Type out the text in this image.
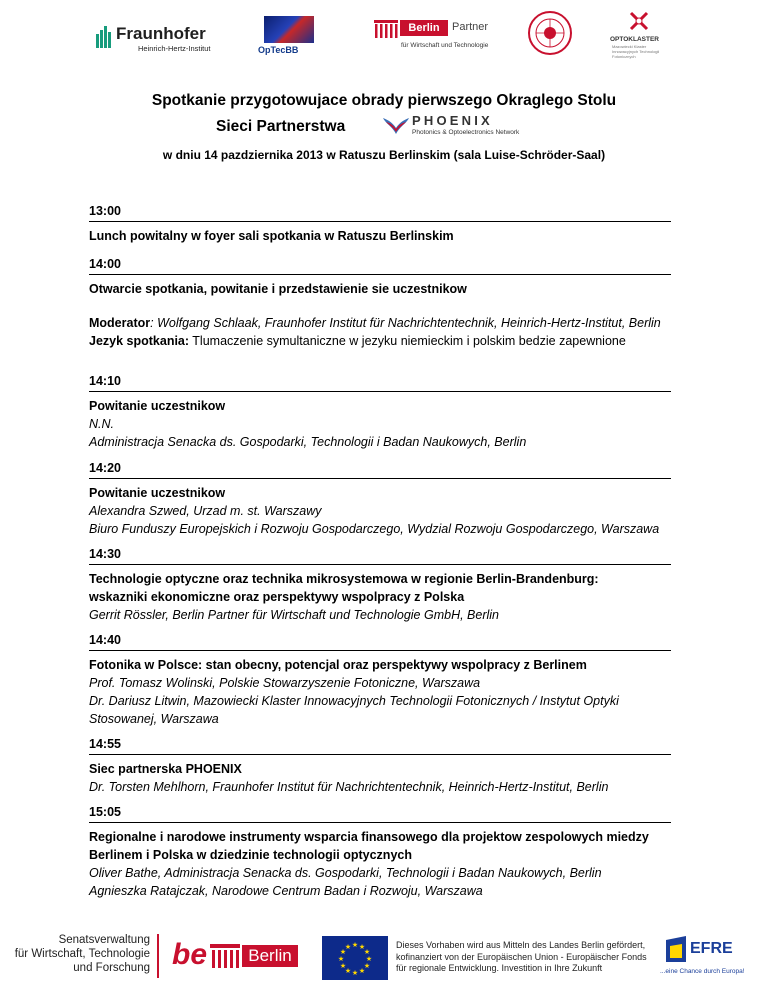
Fraunhofer
Heinrich-Hertz-Institut	OpTecBB
Berlin	Partner
für Wirtschaft und Technologie
OPTOKLASTER
Mazowiecki Klaster Innowacyjnych Technologii Fotonicznych
Spotkanie przygotowujace obrady pierwszego Okraglego Stolu
Sieci Partnerstwa	PHOENIX
Photonics & Optoelectronics Network
w dniu 14 pazdziernika 2013 w Ratuszu Berlinskim (sala Luise-Schröder-Saal)
13:00
Lunch powitalny w foyer sali spotkania w Ratuszu Berlinskim
14:00
Otwarcie spotkania, powitanie i przedstawienie sie uczestnikow
Moderator: Wolfgang Schlaak, Fraunhofer Institut für Nachrichtentechnik, Heinrich-Hertz-Institut, Berlin
Jezyk spotkania: Tlumaczenie symultaniczne w jezyku niemieckim i polskim bedzie zapewnione
14:10
Powitanie uczestnikow
N.N.
Administracja Senacka ds. Gospodarki, Technologii i Badan Naukowych, Berlin
14:20
Powitanie uczestnikow
Alexandra Szwed, Urzad m. st. Warszawy
Biuro Funduszy Europejskich i Rozwoju Gospodarczego, Wydzial Rozwoju Gospodarczego, Warszawa
14:30
Technologie optyczne oraz technika mikrosystemowa w regionie Berlin-Brandenburg:
wskazniki ekonomiczne oraz perspektywy wspolpracy z Polska
Gerrit Rössler, Berlin Partner für Wirtschaft und Technologie GmbH, Berlin
14:40
Fotonika w Polsce: stan obecny, potencjal oraz perspektywy wspolpracy z Berlinem
Prof. Tomasz Wolinski, Polskie Stowarzyszenie Fotoniczne, Warszawa
Dr. Dariusz Litwin, Mazowiecki Klaster Innowacyjnych Technologii Fotonicznych / Instytut Optyki Stosowanej, Warszawa
14:55
Siec partnerska PHOENIX
Dr. Torsten Mehlhorn, Fraunhofer Institut für Nachrichtentechnik, Heinrich-Hertz-Institut, Berlin
15:05
Regionalne i narodowe instrumenty wsparcia finansowego dla projektow zespolowych miedzy
Berlinem i Polska w dziedzinie technologii optycznych
Oliver Bathe, Administracja Senacka ds. Gospodarki, Technologii i Badan Naukowych, Berlin
Agnieszka Ratajczak, Narodowe Centrum Badan i Rozwoju, Warszawa
Senatsverwaltung
für Wirtschaft, Technologie
und Forschung be	Berlin
★ ★
★
★
★
★
★
★
★
★
★
★	Dieses Vorhaben wird aus Mitteln des Landes Berlin gefördert,
kofinanziert von der Europäischen Union - Europäischer Fonds
für regionale Entwicklung. Investition in Ihre Zukunft
EFRE
...eine Chance durch Europa!
